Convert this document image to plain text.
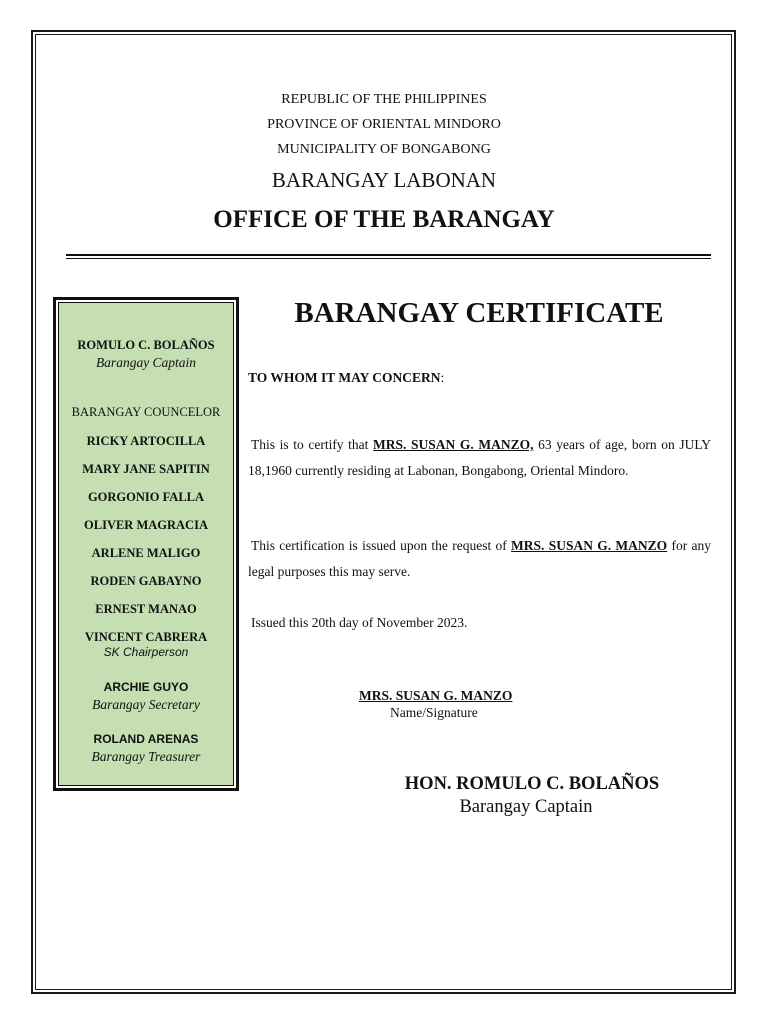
REPUBLIC OF THE PHILIPPINES
PROVINCE OF ORIENTAL MINDORO
MUNICIPALITY OF BONGABONG
BARANGAY LABONAN
OFFICE OF THE BARANGAY
ROMULO C. BOLAÑOS
Barangay Captain
BARANGAY COUNCELOR
RICKY ARTOCILLA
MARY JANE SAPITIN
GORGONIO FALLA
OLIVER MAGRACIA
ARLENE MALIGO
RODEN GABAYNO
ERNEST MANAO
VINCENT CABRERA
SK Chairperson
ARCHIE GUYO
Barangay Secretary
ROLAND ARENAS
Barangay Treasurer
BARANGAY CERTIFICATE
TO WHOM IT MAY CONCERN:
This is to certify that MRS. SUSAN G. MANZO, 63 years of age, born on JULY 18,1960 currently residing at Labonan, Bongabong, Oriental Mindoro.
This certification is issued upon the request of MRS. SUSAN G. MANZO for any legal purposes this may serve.
Issued this 20th day of November 2023.
MRS. SUSAN G. MANZO
Name/Signature
HON. ROMULO C. BOLAÑOS
Barangay Captain
